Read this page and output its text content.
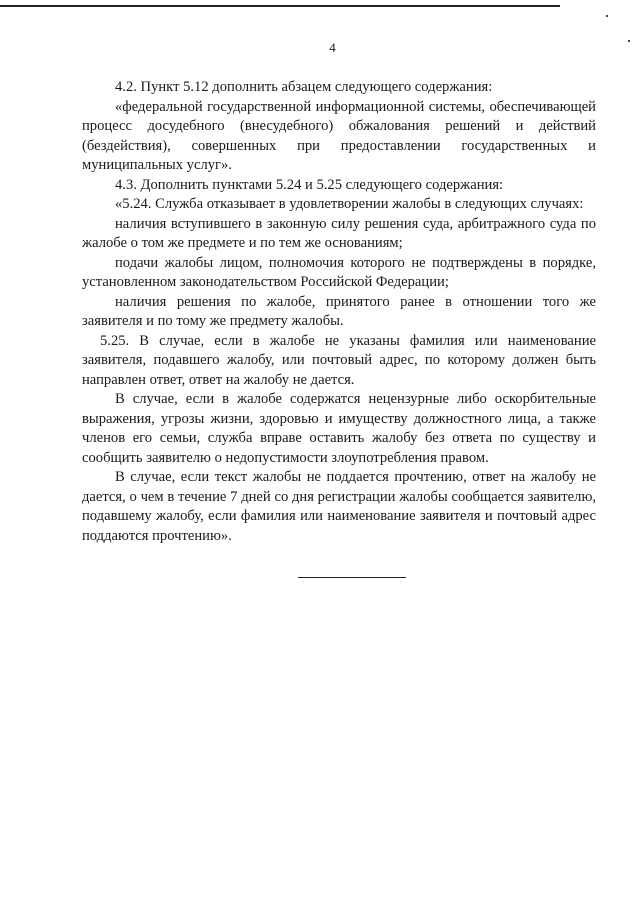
4

4.2. Пункт 5.12 дополнить абзацем следующего содержания:

«федеральной государственной информационной системы, обеспечивающей процесс досудебного (внесудебного) обжалования решений и действий (бездействия), совершенных при предоставлении государственных и муниципальных услуг».

4.3. Дополнить пунктами 5.24 и 5.25 следующего содержания:

«5.24. Служба отказывает в удовлетворении жалобы в следующих случаях:

наличия вступившего в законную силу решения суда, арбитражного суда по жалобе о том же предмете и по тем же основаниям;

подачи жалобы лицом, полномочия которого не подтверждены в порядке, установленном законодательством Российской Федерации;

наличия решения по жалобе, принятого ранее в отношении того же заявителя и по тому же предмету жалобы.

5.25. В случае, если в жалобе не указаны фамилия или наименование заявителя, подавшего жалобу, или почтовый адрес, по которому должен быть направлен ответ, ответ на жалобу не дается.

В случае, если в жалобе содержатся нецензурные либо оскорбительные выражения, угрозы жизни, здоровью и имуществу должностного лица, а также членов его семьи, служба вправе оставить жалобу без ответа по существу и сообщить заявителю о недопустимости злоупотребления правом.

В случае, если текст жалобы не поддается прочтению, ответ на жалобу не дается, о чем в течение 7 дней со дня регистрации жалобы сообщается заявителю, подавшему жалобу, если фамилия или наименование заявителя и почтовый адрес поддаются прочтению».
